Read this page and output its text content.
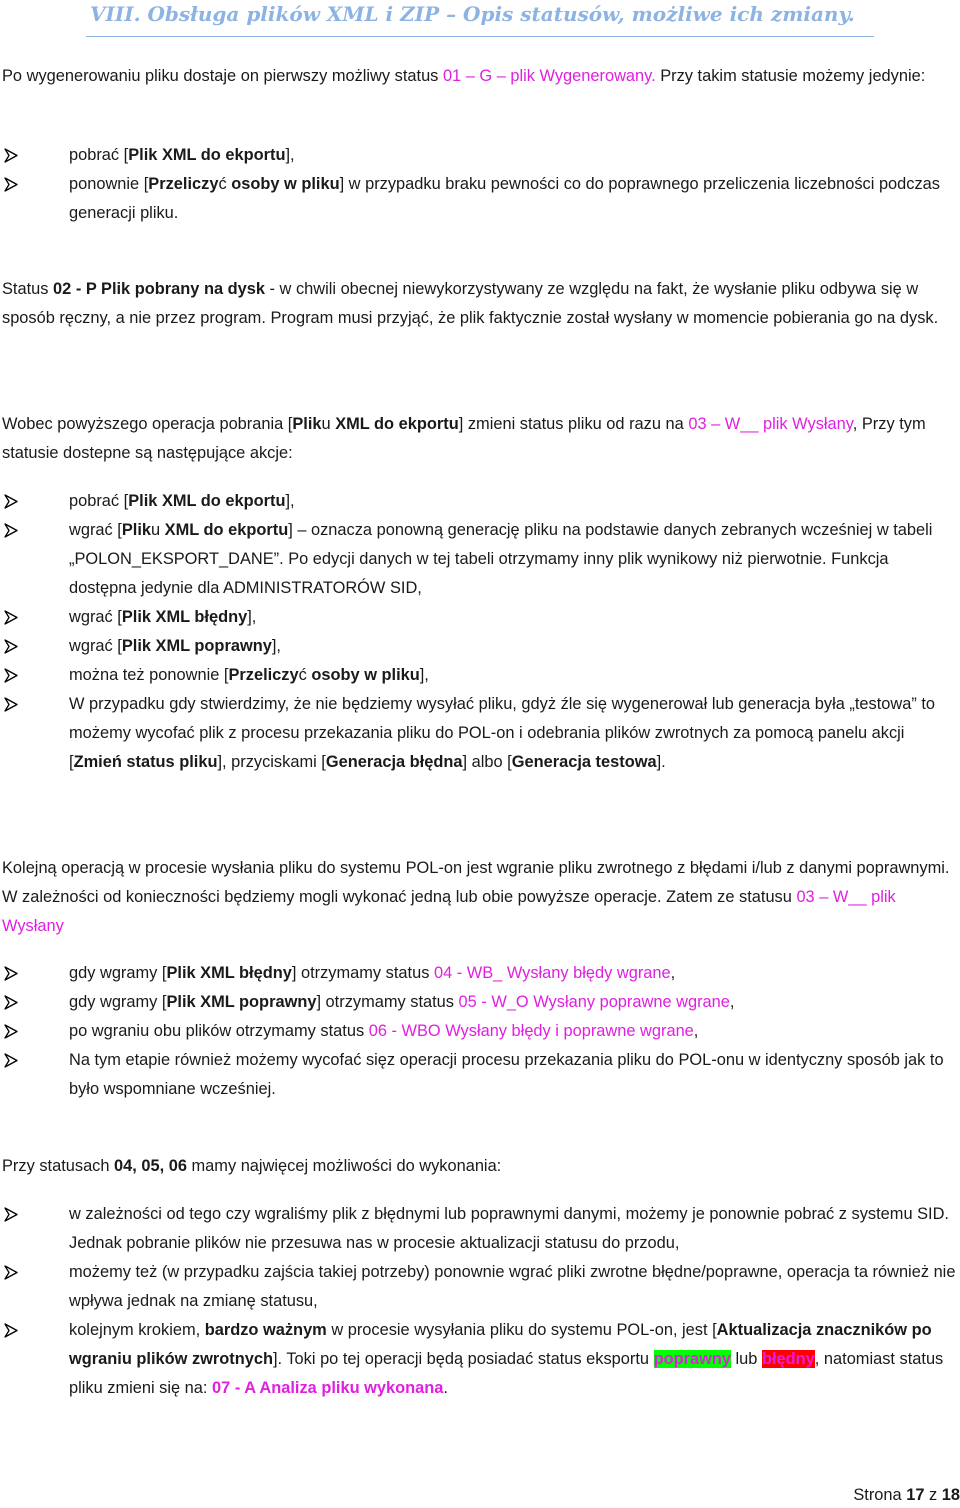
VIII. Obsługa plików XML i ZIP – Opis statusów, możliwe ich zmiany.

Po wygenerowaniu pliku dostaje on pierwszy możliwy status 01 – G – plik Wygenerowany. Przy takim statusie możemy jedynie:

pobrać [Plik XML do ekportu],
ponownie [Przeliczyć osoby w pliku] w przypadku braku pewności co do poprawnego przeliczenia liczebności podczas generacji pliku.

Status 02 - P Plik pobrany na dysk - w chwili obecnej niewykorzystywany ze względu na fakt, że wysłanie pliku odbywa się w sposób ręczny, a nie przez program. Program musi przyjąć, że plik faktycznie został wysłany w momencie pobierania go na dysk.

Wobec powyższego operacja pobrania [Pliku XML do ekportu] zmieni status pliku od razu na 03 – W__ plik Wysłany, Przy tym statusie dostepne są następujące akcje:

pobrać [Plik XML do ekportu],
wgrać [Pliku XML do ekportu] – oznacza ponowną generację pliku na podstawie danych zebranych wcześniej w tabeli „POLON_EKSPORT_DANE”. Po edycji danych w tej tabeli otrzymamy inny plik wynikowy niż pierwotnie. Funkcja dostępna jedynie dla ADMINISTRATORÓW SID,
wgrać [Plik XML błędny],
wgrać [Plik XML poprawny],
można też ponownie [Przeliczyć osoby w pliku],
W przypadku gdy stwierdzimy, że nie będziemy wysyłać pliku, gdyż źle się wygenerował lub generacja była „testowa” to możemy wycofać plik z procesu przekazania pliku do POL-on i odebrania plików zwrotnych za pomocą panelu akcji [Zmień status pliku], przyciskami [Generacja błędna] albo [Generacja testowa].

Kolejną operacją w procesie wysłania pliku do systemu POL-on jest wgranie pliku zwrotnego z błędami i/lub z danymi poprawnymi. W zależności od konieczności będziemy mogli wykonać jedną lub obie powyższe operacje. Zatem ze statusu 03 – W__ plik Wysłany

gdy wgramy [Plik XML błędny] otrzymamy status 04 - WB_ Wysłany błędy wgrane,
gdy wgramy [Plik XML poprawny] otrzymamy status 05 - W_O Wysłany poprawne wgrane,
po wgraniu obu plików otrzymamy status 06 - WBO Wysłany błędy i poprawne wgrane,
Na tym etapie również możemy wycofać sięz operacji procesu przekazania pliku do POL-onu w identyczny sposób jak to było wspomniane wcześniej.

Przy statusach 04, 05, 06 mamy najwięcej możliwości do wykonania:

w zależności od tego czy wgraliśmy plik z błędnymi lub poprawnymi danymi, możemy je ponownie pobrać z systemu SID. Jednak pobranie plików nie przesuwa nas w procesie aktualizacji statusu do przodu,
możemy też (w przypadku zajścia takiej potrzeby) ponownie wgrać pliki zwrotne błędne/poprawne, operacja ta również nie wpływa jednak na zmianę statusu,
kolejnym krokiem, bardzo ważnym w procesie wysyłania pliku do systemu POL-on, jest [Aktualizacja znaczników po wgraniu plików zwrotnych]. Toki po tej operacji będą posiadać status eksportu poprawny lub błędny, natomiast status pliku zmieni się na: 07 - A Analiza pliku wykonana.
Strona 17 z 18
